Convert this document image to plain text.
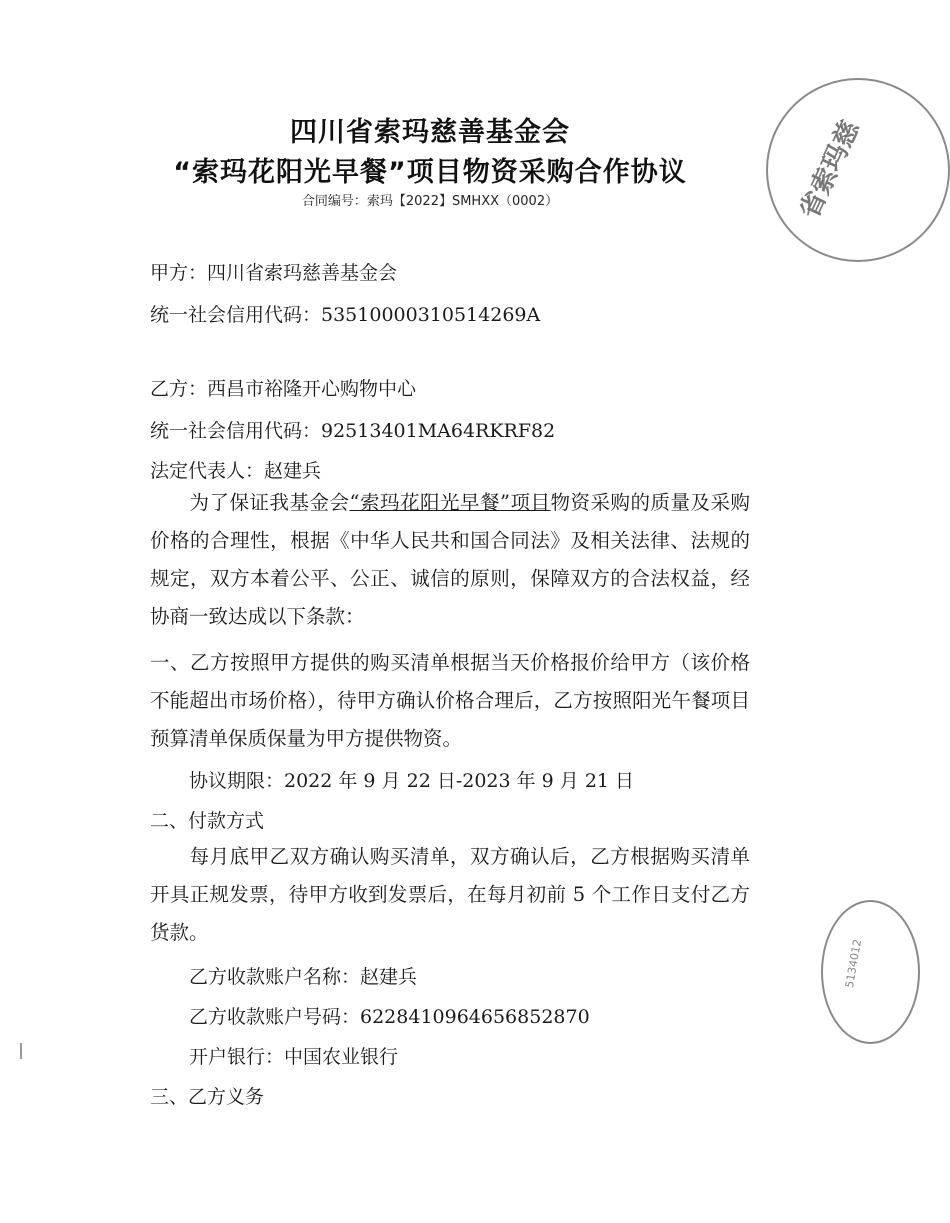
省索玛慈
5134012
四川省索玛慈善基金会
“索玛花阳光早餐”项目物资采购合作协议
合同编号：索玛【2022】SMHXX（0002）
甲方：四川省索玛慈善基金会
统一社会信用代码：53510000310514269A
乙方：西昌市裕隆开心购物中心
统一社会信用代码：92513401MA64RKRF82
法定代表人：赵建兵
为了保证我基金会“索玛花阳光早餐”项目物资采购的质量及采购价格的合理性，根据《中华人民共和国合同法》及相关法律、法规的规定，双方本着公平、公正、诚信的原则，保障双方的合法权益，经协商一致达成以下条款：
一、乙方按照甲方提供的购买清单根据当天价格报价给甲方（该价格不能超出市场价格），待甲方确认价格合理后，乙方按照阳光午餐项目预算清单保质保量为甲方提供物资。
协议期限：2022 年 9 月 22 日-2023 年 9 月 21 日
二、付款方式
每月底甲乙双方确认购买清单，双方确认后，乙方根据购买清单开具正规发票，待甲方收到发票后，在每月初前 5 个工作日支付乙方货款。
乙方收款账户名称：赵建兵
乙方收款账户号码：6228410964656852870
开户银行：中国农业银行
三、乙方义务
